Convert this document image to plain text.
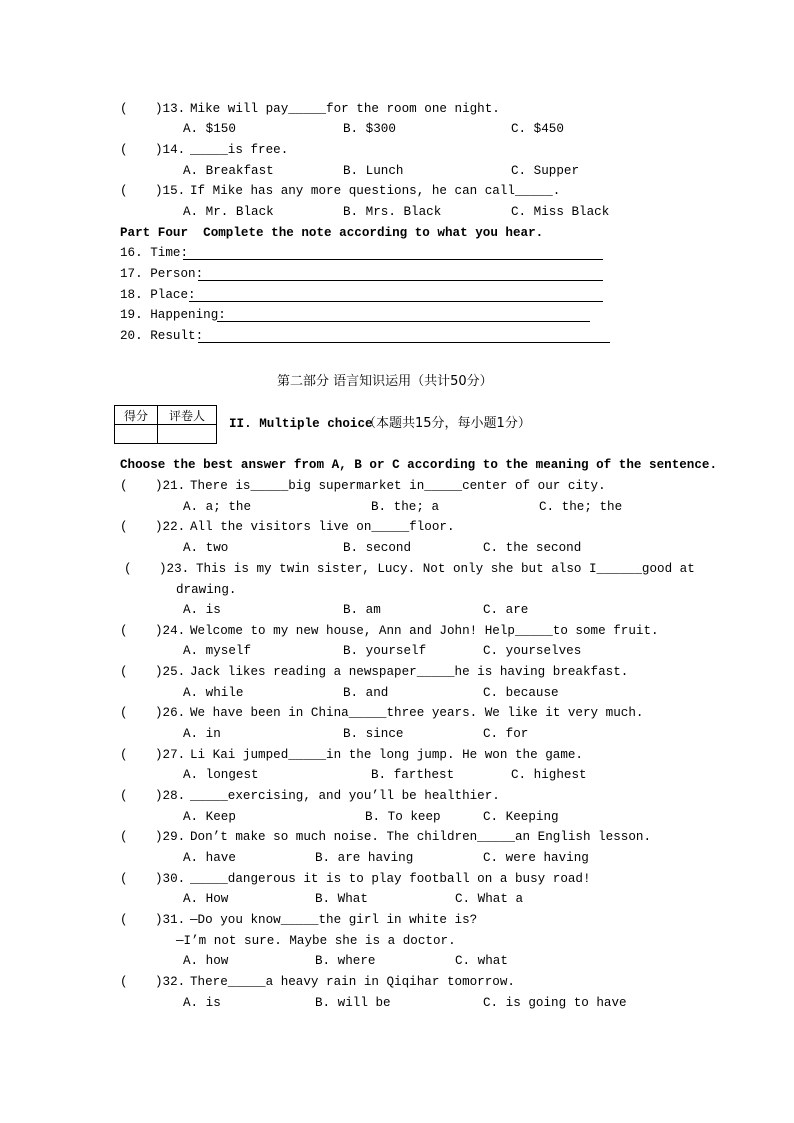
( )13. Mike will pay_____for the room one night.
A. $150	B. $300	C. $450
( )14. _____is free.
A. Breakfast	B. Lunch	C. Supper
( )15. If Mike has any more questions, he can call_____.
A. Mr. Black	B. Mrs. Black	C. Miss Black
Part Four  Complete the note according to what you hear.
16. Time:
17. Person:
18. Place:
19. Happening:
20. Result:
第二部分 语言知识运用（共计50分）
得分	评卷人

II. Multiple choice
（本题共15分，每小题1分）
Choose the best answer from A, B or C according to the meaning of the sentence.
( )21. There is_____big supermarket in_____center of our city.
A. a; the	B. the; a	C. the; the
( )22. All the visitors live on_____floor.
A. two	B. second	C. the second
( )23. This is my twin sister, Lucy. Not only she but also I______good at
drawing.
A. is	B. am	C. are
( )24. Welcome to my new house, Ann and John! Help_____to some fruit.
A. myself	B. yourself	C. yourselves
( )25. Jack likes reading a newspaper_____he is having breakfast.
A. while	B. and	C. because
( )26. We have been in China_____three years. We like it very much.
A. in	B. since	C. for
( )27. Li Kai jumped_____in the long jump. He won the game.
A. longest	B. farthest	C. highest
( )28. _____exercising, and you’ll be healthier.
A. Keep	B. To keep	C. Keeping
( )29. Don’t make so much noise. The children_____an English lesson.
A. have	B. are having	C. were having
( )30. _____dangerous it is to play football on a busy road!
A. How	B. What	C. What a
( )31. —Do you know_____the girl in white is?
—I’m not sure. Maybe she is a doctor.
A. how	B. where	C. what
( )32. There_____a heavy rain in Qiqihar tomorrow.
A. is	B. will be	C. is going to have
